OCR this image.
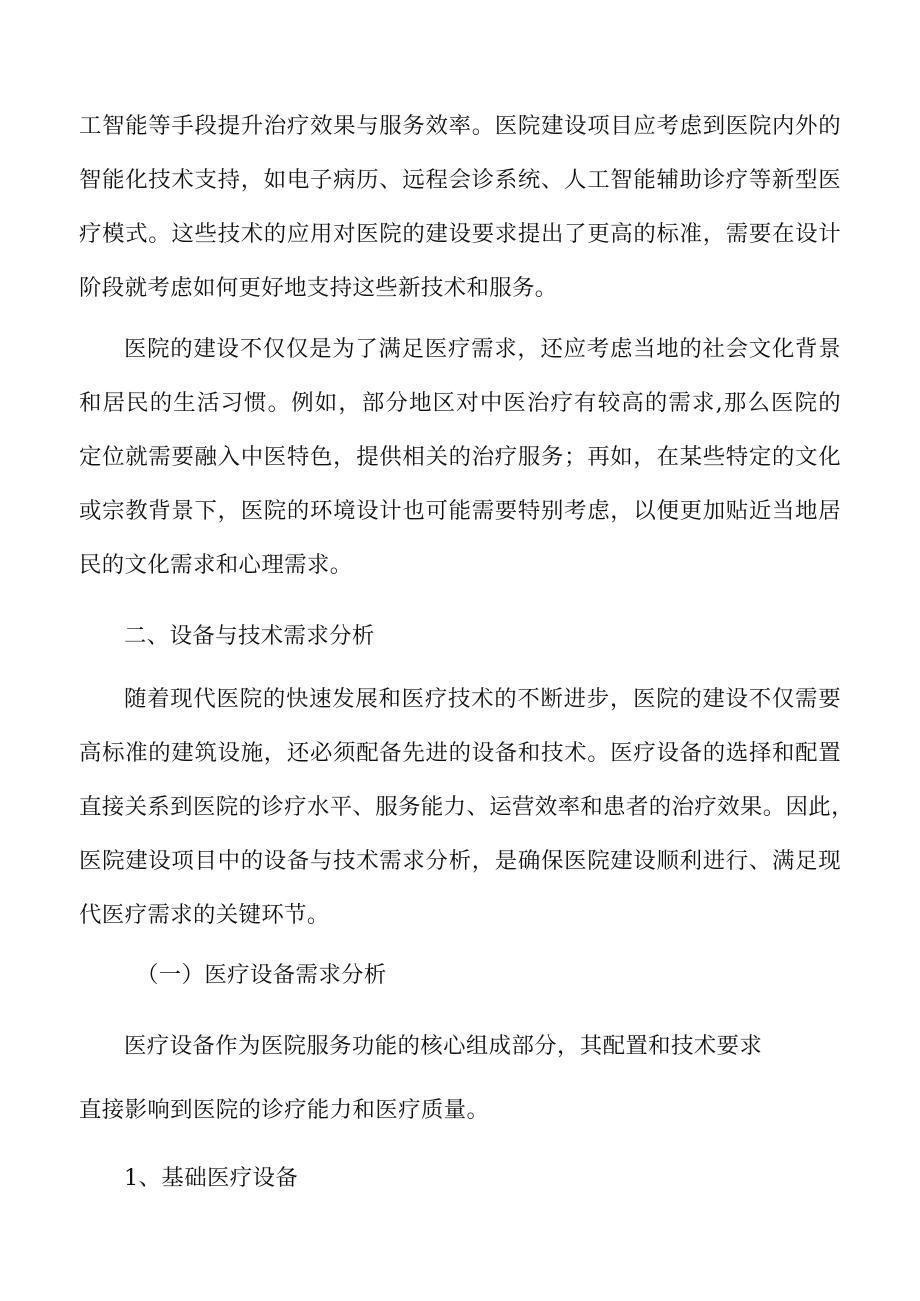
工智能等手段提升治疗效果与服务效率。医院建设项目应考虑到医院内外的
智能化技术支持，如电子病历、远程会诊系统、人工智能辅助诊疗等新型医
疗模式。这些技术的应用对医院的建设要求提出了更高的标准，需要在设计
阶段就考虑如何更好地支持这些新技术和服务。
医院的建设不仅仅是为了满足医疗需求，还应考虑当地的社会文化背景
和居民的生活习惯。例如，部分地区对中医治疗有较高的需求,那么医院的
定位就需要融入中医特色，提供相关的治疗服务；再如，在某些特定的文化
或宗教背景下，医院的环境设计也可能需要特别考虑，以便更加贴近当地居
民的文化需求和心理需求。
二、设备与技术需求分析
随着现代医院的快速发展和医疗技术的不断进步，医院的建设不仅需要
高标准的建筑设施，还必须配备先进的设备和技术。医疗设备的选择和配置
直接关系到医院的诊疗水平、服务能力、运营效率和患者的治疗效果。因此，
医院建设项目中的设备与技术需求分析，是确保医院建设顺利进行、满足现
代医疗需求的关键环节。
（一）医疗设备需求分析
医疗设备作为医院服务功能的核心组成部分，其配置和技术要求
直接影响到医院的诊疗能力和医疗质量。
1、基础医疗设备
